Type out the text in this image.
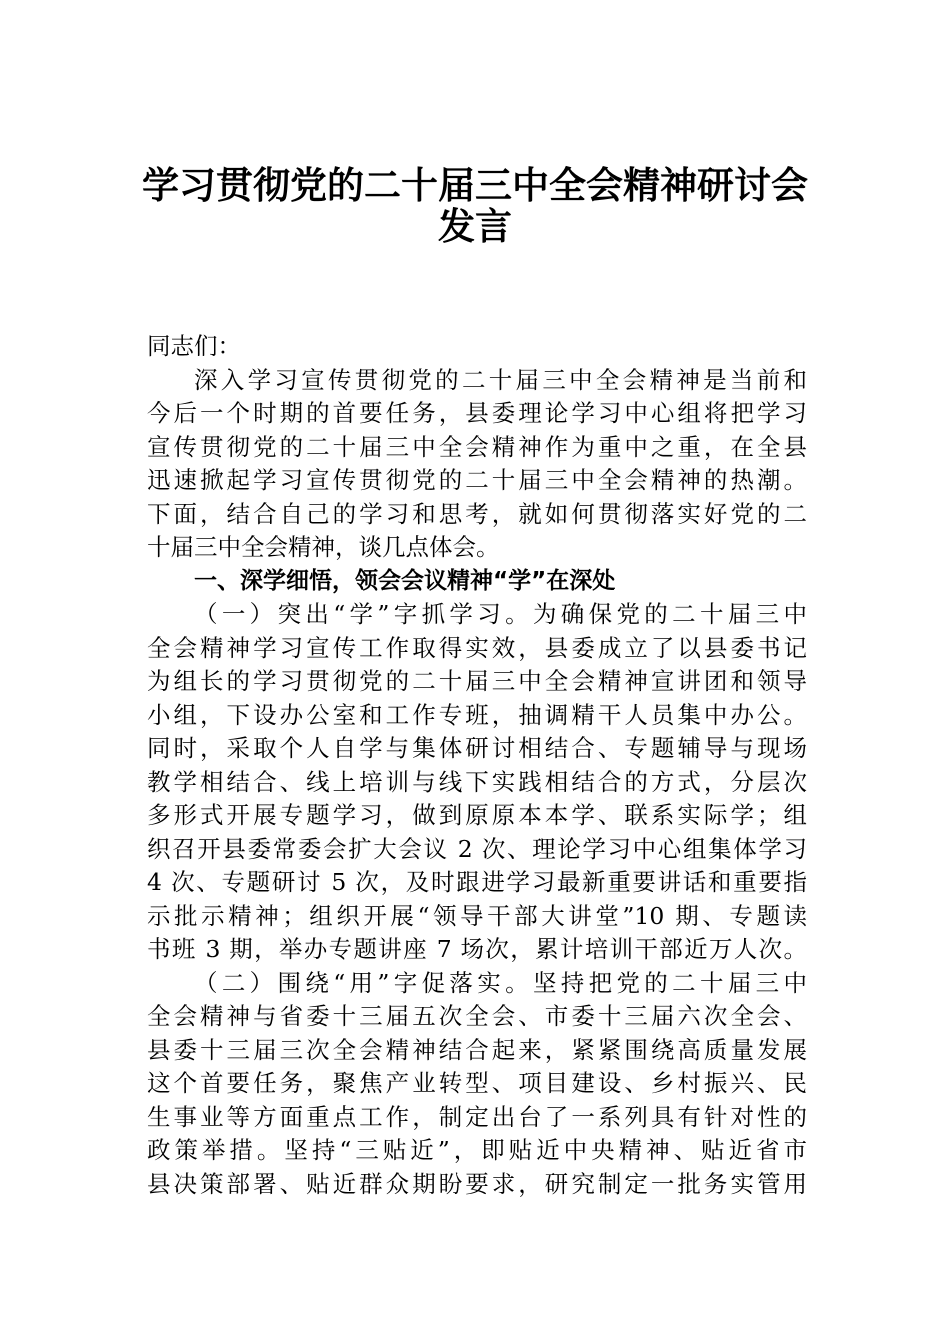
学习贯彻党的二十届三中全会精神研讨会
发言
同志们：
深入学习宣传贯彻党的二十届三中全会精神是当前和
今后一个时期的首要任务，县委理论学习中心组将把学习
宣传贯彻党的二十届三中全会精神作为重中之重，在全县
迅速掀起学习宣传贯彻党的二十届三中全会精神的热潮。
下面，结合自己的学习和思考，就如何贯彻落实好党的二
十届三中全会精神，谈几点体会。
一、深学细悟，领会会议精神“学”在深处
（一）突出“学”字抓学习。为确保党的二十届三中
全会精神学习宣传工作取得实效，县委成立了以县委书记
为组长的学习贯彻党的二十届三中全会精神宣讲团和领导
小组，下设办公室和工作专班，抽调精干人员集中办公。
同时，采取个人自学与集体研讨相结合、专题辅导与现场
教学相结合、线上培训与线下实践相结合的方式，分层次
多形式开展专题学习，做到原原本本学、联系实际学；组
织召开县委常委会扩大会议 2 次、理论学习中心组集体学习
4 次、专题研讨 5 次，及时跟进学习最新重要讲话和重要指
示批示精神；组织开展“领导干部大讲堂”10 期、专题读
书班 3 期，举办专题讲座 7 场次，累计培训干部近万人次。
（二）围绕“用”字促落实。坚持把党的二十届三中
全会精神与省委十三届五次全会、市委十三届六次全会、
县委十三届三次全会精神结合起来，紧紧围绕高质量发展
这个首要任务，聚焦产业转型、项目建设、乡村振兴、民
生事业等方面重点工作，制定出台了一系列具有针对性的
政策举措。坚持“三贴近”，即贴近中央精神、贴近省市
县决策部署、贴近群众期盼要求，研究制定一批务实管用
